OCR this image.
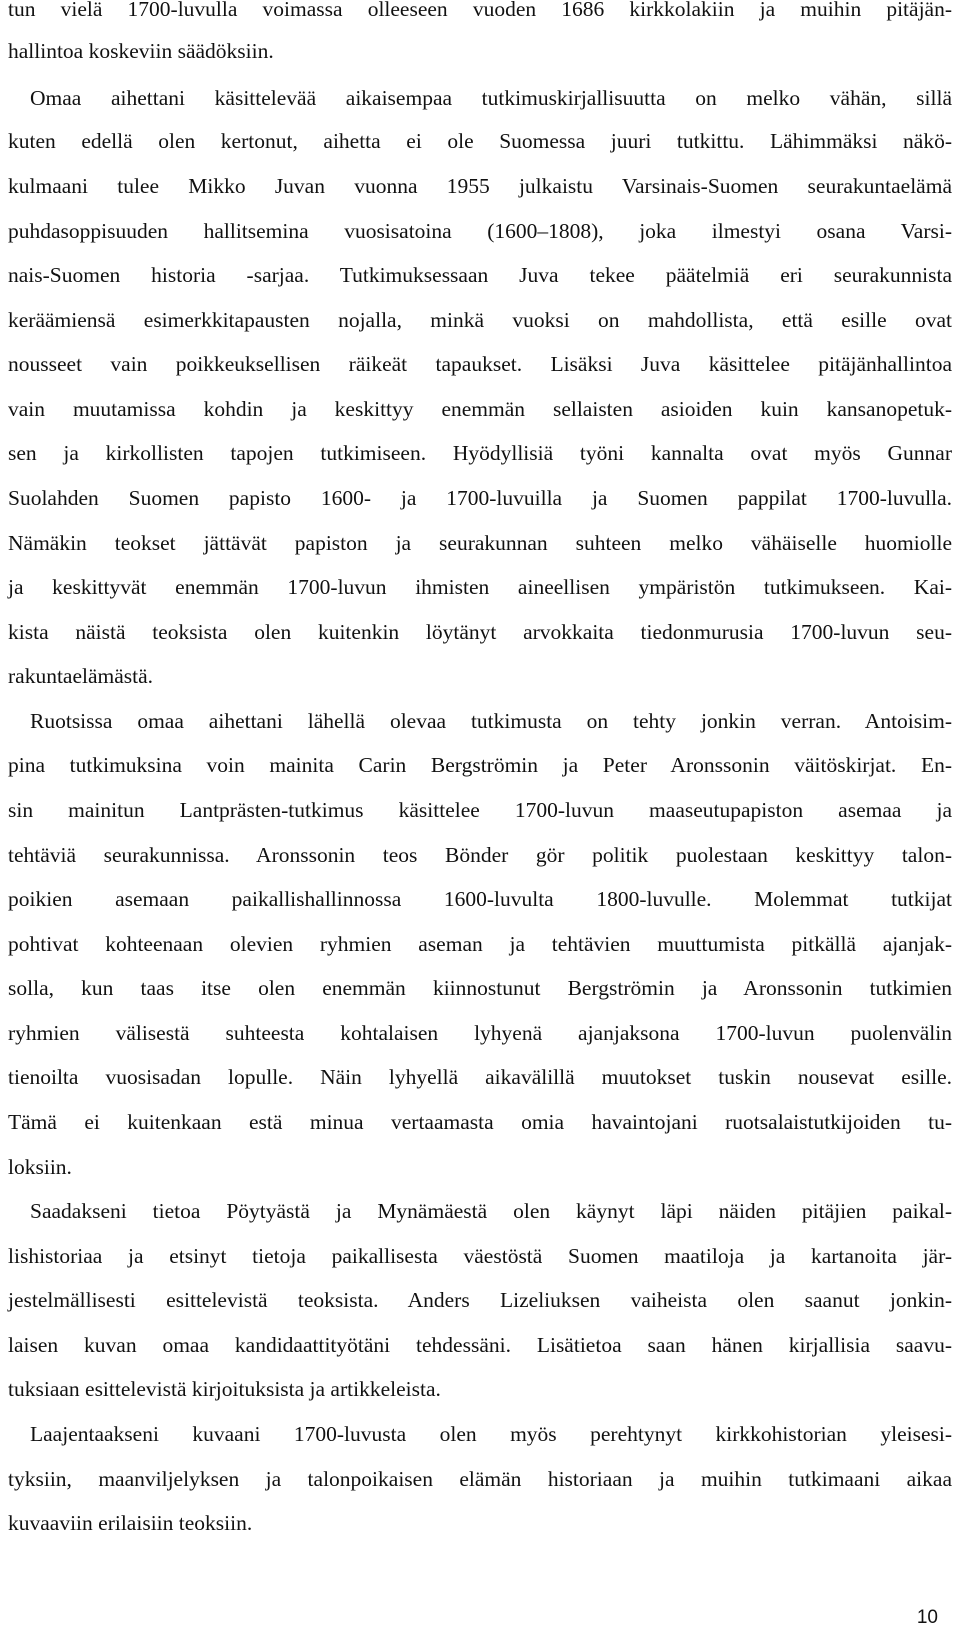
tun vielä 1700-luvulla voimassa olleeseen vuoden 1686 kirkkolakiin ja muihin pitäjän-
hallintoa koskeviin säädöksiin.
Omaa aihettani käsittelevää aikaisempaa tutkimuskirjallisuutta on melko vähän, sillä
kuten edellä olen kertonut, aihetta ei ole Suomessa juuri tutkittu. Lähimmäksi näkö-
kulmaani tulee Mikko Juvan vuonna 1955 julkaistu Varsinais-Suomen seurakuntaelämä
puhdasoppisuuden hallitsemina vuosisatoina (1600–1808), joka ilmestyi osana Varsi-
nais-Suomen historia -sarjaa. Tutkimuksessaan Juva tekee päätelmiä eri seurakunnista
keräämiensä esimerkkitapausten nojalla, minkä vuoksi on mahdollista, että esille ovat
nousseet vain poikkeuksellisen räikeät tapaukset. Lisäksi Juva käsittelee pitäjänhallintoa
vain muutamissa kohdin ja keskittyy enemmän sellaisten asioiden kuin kansanopetuk-
sen ja kirkollisten tapojen tutkimiseen. Hyödyllisiä työni kannalta ovat myös Gunnar
Suolahden Suomen papisto 1600- ja 1700-luvuilla ja Suomen pappilat 1700-luvulla.
Nämäkin teokset jättävät papiston ja seurakunnan suhteen melko vähäiselle huomiolle
ja keskittyvät enemmän 1700-luvun ihmisten aineellisen ympäristön tutkimukseen. Kai-
kista näistä teoksista olen kuitenkin löytänyt arvokkaita tiedonmurusia 1700-luvun seu-
rakuntaelämästä.
Ruotsissa omaa aihettani lähellä olevaa tutkimusta on tehty jonkin verran. Antoisim-
pina tutkimuksina voin mainita Carin Bergströmin ja Peter Aronssonin väitöskirjat. En-
sin mainitun Lantprästen-tutkimus käsittelee 1700-luvun maaseutupapiston asemaa ja
tehtäviä seurakunnissa. Aronssonin teos Bönder gör politik puolestaan keskittyy talon-
poikien asemaan paikallishallinnossa 1600-luvulta 1800-luvulle. Molemmat tutkijat
pohtivat kohteenaan olevien ryhmien aseman ja tehtävien muuttumista pitkällä ajanjak-
solla, kun taas itse olen enemmän kiinnostunut Bergströmin ja Aronssonin tutkimien
ryhmien välisestä suhteesta kohtalaisen lyhyenä ajanjaksona 1700-luvun puolenvälin
tienoilta vuosisadan lopulle. Näin lyhyellä aikavälillä muutokset tuskin nousevat esille.
Tämä ei kuitenkaan estä minua vertaamasta omia havaintojani ruotsalaistutkijoiden tu-
loksiin.
Saadakseni tietoa Pöytyästä ja Mynämäestä olen käynyt läpi näiden pitäjien paikal-
lishistoriaa ja etsinyt tietoja paikallisesta väestöstä Suomen maatiloja ja kartanoita jär-
jestelmällisesti esittelevistä teoksista. Anders Lizeliuksen vaiheista olen saanut jonkin-
laisen kuvan omaa kandidaattityötäni tehdessäni. Lisätietoa saan hänen kirjallisia saavu-
tuksiaan esittelevistä kirjoituksista ja artikkeleista.
Laajentaakseni kuvaani 1700-luvusta olen myös perehtynyt kirkkohistorian yleisesi-
tyksiin, maanviljelyksen ja talonpoikaisen elämän historiaan ja muihin tutkimaani aikaa
kuvaaviin erilaisiin teoksiin.
10
